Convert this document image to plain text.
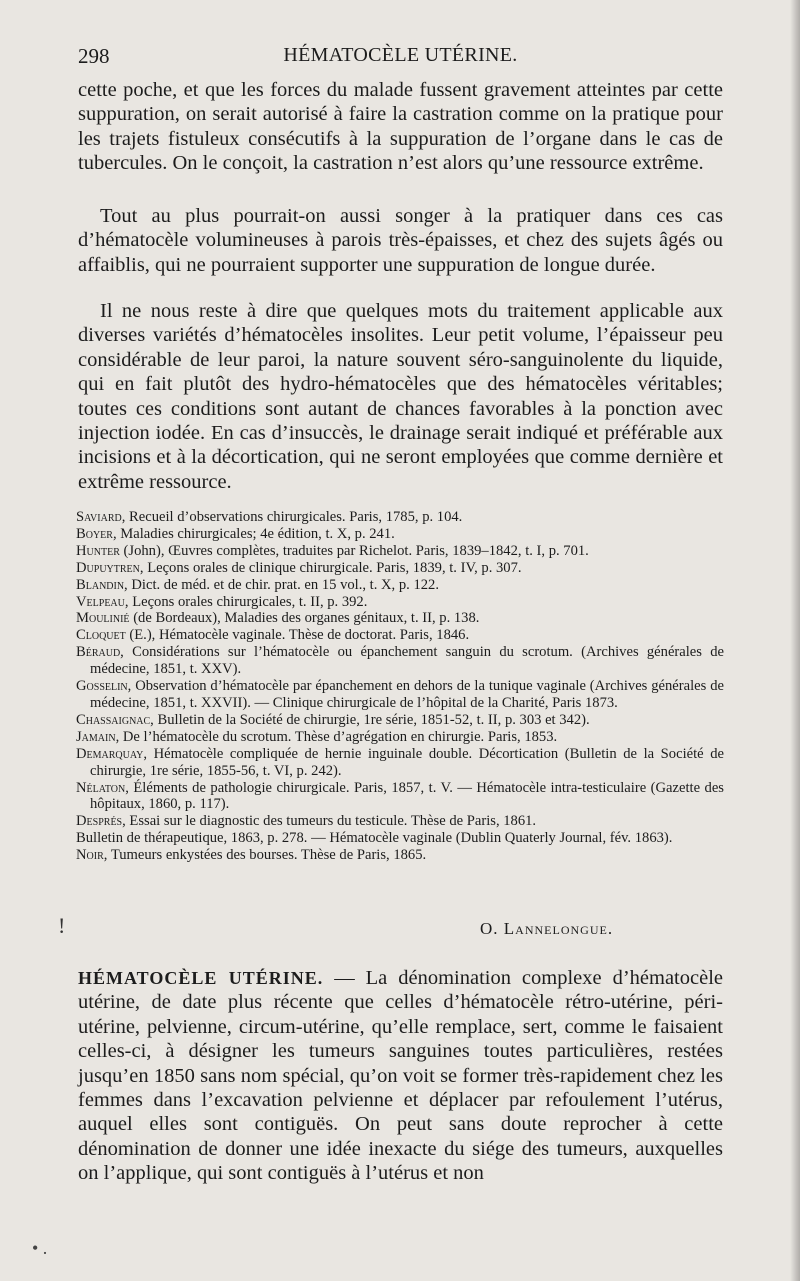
298	HÉMATOCÈLE UTÉRINE.

cette poche, et que les forces du malade fussent gravement atteintes par cette suppuration, on serait autorisé à faire la castration comme on la pratique pour les trajets fistuleux consécutifs à la suppuration de l’organe dans le cas de tubercules. On le conçoit, la castration n’est alors qu’une ressource extrême.

Tout au plus pourrait-on aussi songer à la pratiquer dans ces cas d’hématocèle volumineuses à parois très-épaisses, et chez des sujets âgés ou affaiblis, qui ne pourraient supporter une suppuration de longue durée.

Il ne nous reste à dire que quelques mots du traitement applicable aux diverses variétés d’hématocèles insolites. Leur petit volume, l’épaisseur peu considérable de leur paroi, la nature souvent séro-sanguinolente du liquide, qui en fait plutôt des hydro-hématocèles que des hématocèles véritables; toutes ces conditions sont autant de chances favorables à la ponction avec injection iodée. En cas d’insuccès, le drainage serait indiqué et préférable aux incisions et à la décortication, qui ne seront employées que comme dernière et extrême ressource.

Saviard, Recueil d’observations chirurgicales. Paris, 1785, p. 104.
Boyer, Maladies chirurgicales; 4e édition, t. X, p. 241.
Hunter (John), Œuvres complètes, traduites par Richelot. Paris, 1839–1842, t. I, p. 701.
Dupuytren, Leçons orales de clinique chirurgicale. Paris, 1839, t. IV, p. 307.
Blandin, Dict. de méd. et de chir. prat. en 15 vol., t. X, p. 122.
Velpeau, Leçons orales chirurgicales, t. II, p. 392.
Moulinié (de Bordeaux), Maladies des organes génitaux, t. II, p. 138.
Cloquet (E.), Hématocèle vaginale. Thèse de doctorat. Paris, 1846.
Béraud, Considérations sur l’hématocèle ou épanchement sanguin du scrotum. (Archives générales de médecine, 1851, t. XXV).
Gosselin, Observation d’hématocèle par épanchement en dehors de la tunique vaginale (Archives générales de médecine, 1851, t. XXVII). — Clinique chirurgicale de l’hôpital de la Charité, Paris 1873.
Chassaignac, Bulletin de la Société de chirurgie, 1re série, 1851-52, t. II, p. 303 et 342).
Jamain, De l’hématocèle du scrotum. Thèse d’agrégation en chirurgie. Paris, 1853.
Demarquay, Hématocèle compliquée de hernie inguinale double. Décortication (Bulletin de la Société de chirurgie, 1re série, 1855-56, t. VI, p. 242).
Nélaton, Éléments de pathologie chirurgicale. Paris, 1857, t. V. — Hématocèle intra-testiculaire (Gazette des hôpitaux, 1860, p. 117).
Després, Essai sur le diagnostic des tumeurs du testicule. Thèse de Paris, 1861.
Bulletin de thérapeutique, 1863, p. 278. — Hématocèle vaginale (Dublin Quaterly Journal, fév. 1863).
Noir, Tumeurs enkystées des bourses. Thèse de Paris, 1865.
!	O. Lannelongue.

HÉMATOCÈLE UTÉRINE. — La dénomination complexe d’hématocèle utérine, de date plus récente que celles d’hématocèle rétro-utérine, péri-utérine, pelvienne, circum-utérine, qu’elle remplace, sert, comme le faisaient celles-ci, à désigner les tumeurs sanguines toutes particulières, restées jusqu’en 1850 sans nom spécial, qu’on voit se former très-rapidement chez les femmes dans l’excavation pelvienne et déplacer par refoulement l’utérus, auquel elles sont contiguës. On peut sans doute reprocher à cette dénomination de donner une idée inexacte du siége des tumeurs, auxquelles on l’applique, qui sont contiguës à l’utérus et non

• .
